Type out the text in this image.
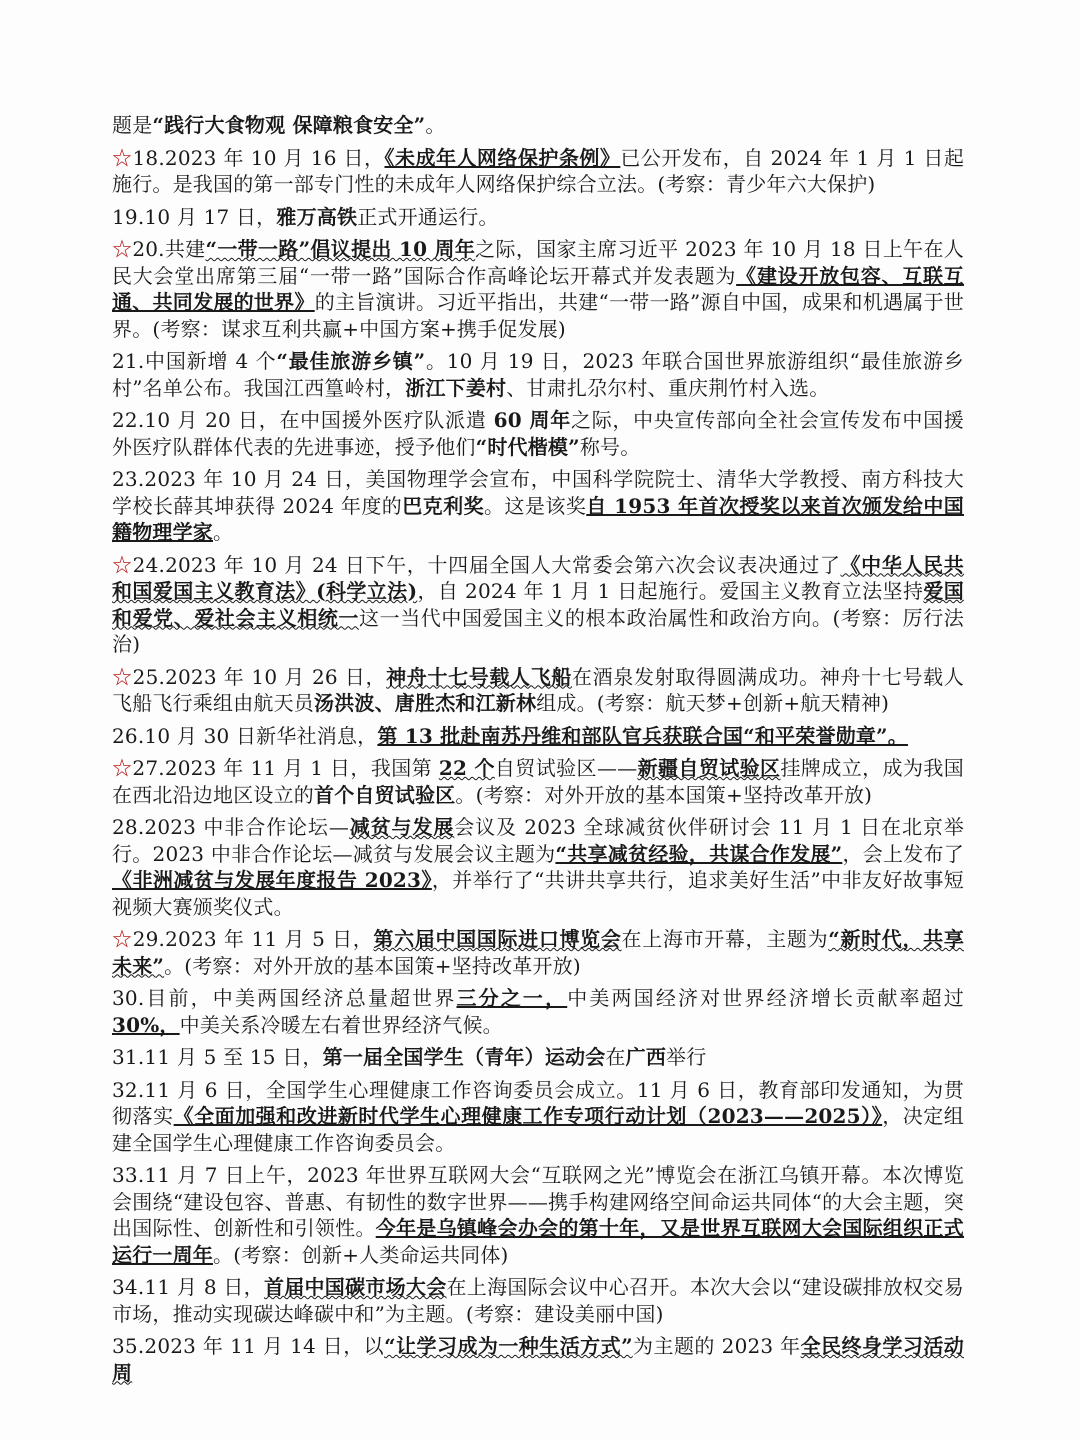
题是“践行大食物观 保障粮食安全”。

☆18.2023 年 10 月 16 日，《未成年人网络保护条例》已公开发布，自 2024 年 1 月 1 日起施行。是我国的第一部专门性的未成年人网络保护综合立法。(考察：青少年六大保护)

19.10 月 17 日，雅万高铁正式开通运行。

☆20.共建“一带一路”倡议提出 10 周年之际，国家主席习近平 2023 年 10 月 18 日上午在人民大会堂出席第三届“一带一路”国际合作高峰论坛开幕式并发表题为《建设开放包容、互联互通、共同发展的世界》的主旨演讲。习近平指出，共建“一带一路”源自中国，成果和机遇属于世界。(考察：谋求互利共赢+中国方案+携手促发展)

21.中国新增 4 个“最佳旅游乡镇”。10 月 19 日，2023 年联合国世界旅游组织“最佳旅游乡村”名单公布。我国江西篁岭村，浙江下姜村、甘肃扎尕尔村、重庆荆竹村入选。

22.10 月 20 日，在中国援外医疗队派遣 60 周年之际，中央宣传部向全社会宣传发布中国援外医疗队群体代表的先进事迹，授予他们“时代楷模”称号。

23.2023 年 10 月 24 日，美国物理学会宣布，中国科学院院士、清华大学教授、南方科技大学校长薛其坤获得 2024 年度的巴克利奖。这是该奖自 1953 年首次授奖以来首次颁发给中国籍物理学家。

☆24.2023 年 10 月 24 日下午，十四届全国人大常委会第六次会议表决通过了《中华人民共和国爱国主义教育法》(科学立法)，自 2024 年 1 月 1 日起施行。爱国主义教育立法坚持爱国和爱党、爱社会主义相统一这一当代中国爱国主义的根本政治属性和政治方向。(考察：厉行法治)

☆25.2023 年 10 月 26 日，神舟十七号载人飞船在酒泉发射取得圆满成功。神舟十七号载人飞船飞行乘组由航天员汤洪波、唐胜杰和江新林组成。(考察：航天梦+创新+航天精神)

26.10 月 30 日新华社消息，第 13 批赴南苏丹维和部队官兵获联合国“和平荣誉勋章”。

☆27.2023 年 11 月 1 日，我国第 22 个自贸试验区——新疆自贸试验区挂牌成立，成为我国在西北沿边地区设立的首个自贸试验区。(考察：对外开放的基本国策+坚持改革开放)

28.2023 中非合作论坛—减贫与发展会议及 2023 全球减贫伙伴研讨会 11 月 1 日在北京举行。2023 中非合作论坛—减贫与发展会议主题为“共享减贫经验，共谋合作发展”，会上发布了《非洲减贫与发展年度报告 2023》，并举行了“共讲共享共行，追求美好生活”中非友好故事短视频大赛颁奖仪式。

☆29.2023 年 11 月 5 日，第六届中国国际进口博览会在上海市开幕，主题为“新时代，共享未来”。(考察：对外开放的基本国策+坚持改革开放)

30.目前，中美两国经济总量超世界三分之一，中美两国经济对世界经济增长贡献率超过 30%，中美关系冷暖左右着世界经济气候。

31.11 月 5 至 15 日，第一届全国学生（青年）运动会在广西举行

32.11 月 6 日，全国学生心理健康工作咨询委员会成立。11 月 6 日，教育部印发通知，为贯彻落实《全面加强和改进新时代学生心理健康工作专项行动计划（2023——2025）》，决定组建全国学生心理健康工作咨询委员会。

33.11 月 7 日上午，2023 年世界互联网大会“互联网之光”博览会在浙江乌镇开幕。本次博览会围绕“建设包容、普惠、有韧性的数字世界——携手构建网络空间命运共同体“的大会主题，突出国际性、创新性和引领性。今年是乌镇峰会办会的第十年，又是世界互联网大会国际组织正式运行一周年。(考察：创新+人类命运共同体)

34.11 月 8 日，首届中国碳市场大会在上海国际会议中心召开。本次大会以“建设碳排放权交易市场，推动实现碳达峰碳中和”为主题。(考察：建设美丽中国)

35.2023 年 11 月 14 日，以“让学习成为一种生活方式”为主题的 2023 年全民终身学习活动周
